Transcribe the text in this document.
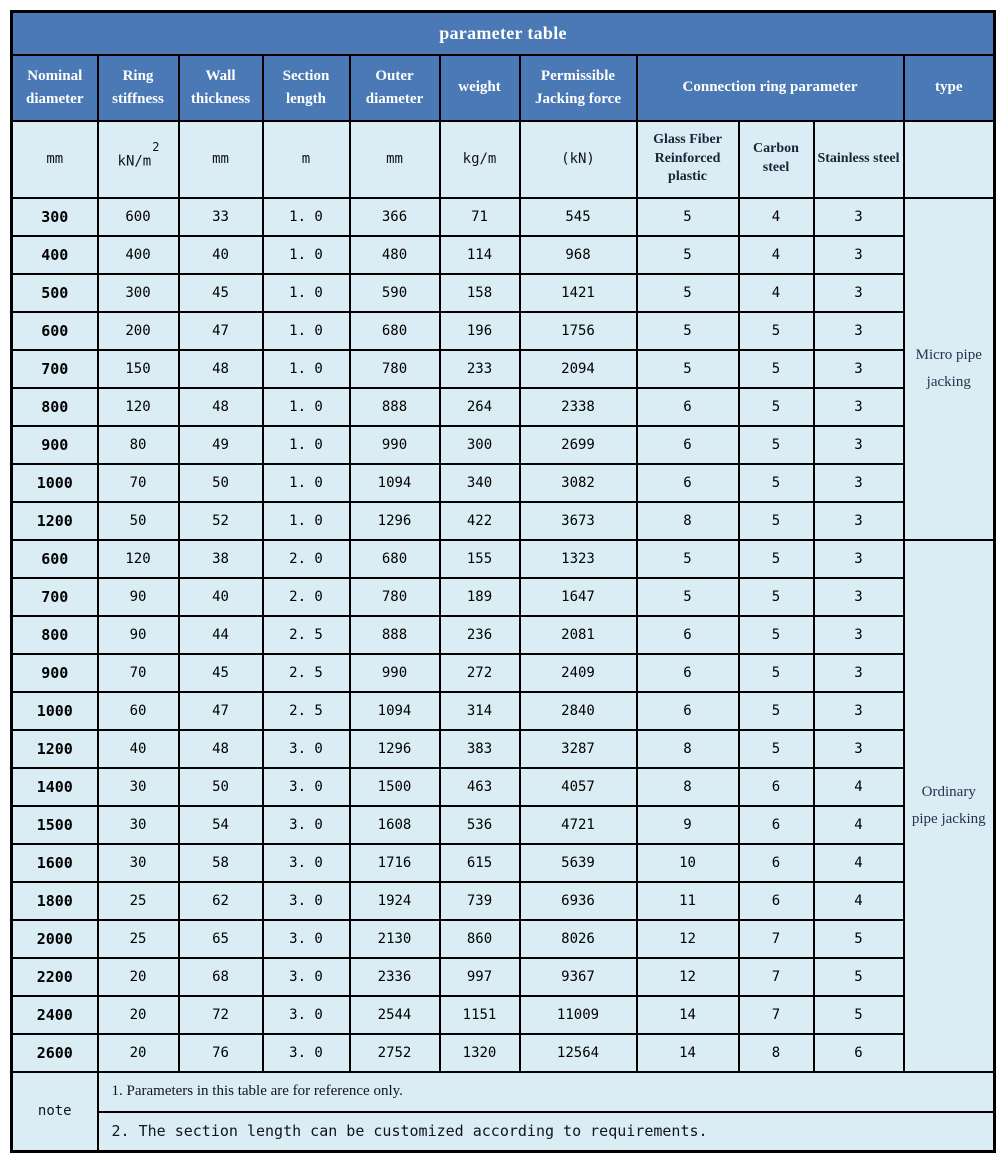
parameter table										
Nominal diameter	Ring stiffness	Wall thickness	Section length	Outer diameter	weight	Permissible Jacking force	Connection ring parameter			type
mm	$kN/m^2$	mm	m	mm	kg/m	(kN)	Glass Fiber Reinforced plastic	Carbon steel	Stainless steel	
300	600	33	1. 0	366	71	545	5	4	3	Micro pipe jacking
400	400	40	1. 0	480	114	968	5	4	3	
500	300	45	1. 0	590	158	1421	5	4	3	
600	200	47	1. 0	680	196	1756	5	5	3	
700	150	48	1. 0	780	233	2094	5	5	3	
800	120	48	1. 0	888	264	2338	6	5	3	
900	80	49	1. 0	990	300	2699	6	5	3	
1000	70	50	1. 0	1094	340	3082	6	5	3	
1200	50	52	1. 0	1296	422	3673	8	5	3	
600	120	38	2. 0	680	155	1323	5	5	3	Ordinary pipe jacking
700	90	40	2. 0	780	189	1647	5	5	3	
800	90	44	2. 5	888	236	2081	6	5	3	
900	70	45	2. 5	990	272	2409	6	5	3	
1000	60	47	2. 5	1094	314	2840	6	5	3	
1200	40	48	3. 0	1296	383	3287	8	5	3	
1400	30	50	3. 0	1500	463	4057	8	6	4	
1500	30	54	3. 0	1608	536	4721	9	6	4	
1600	30	58	3. 0	1716	615	5639	10	6	4	
1800	25	62	3. 0	1924	739	6936	11	6	4	
2000	25	65	3. 0	2130	860	8026	12	7	5	
2200	20	68	3. 0	2336	997	9367	12	7	5	
2400	20	72	3. 0	2544	1151	11009	14	7	5	
2600	20	76	3. 0	2752	1320	12564	14	8	6	
note	1. Parameters in this table are for reference only.									
	2. The section length can be customized according to requirements.									
